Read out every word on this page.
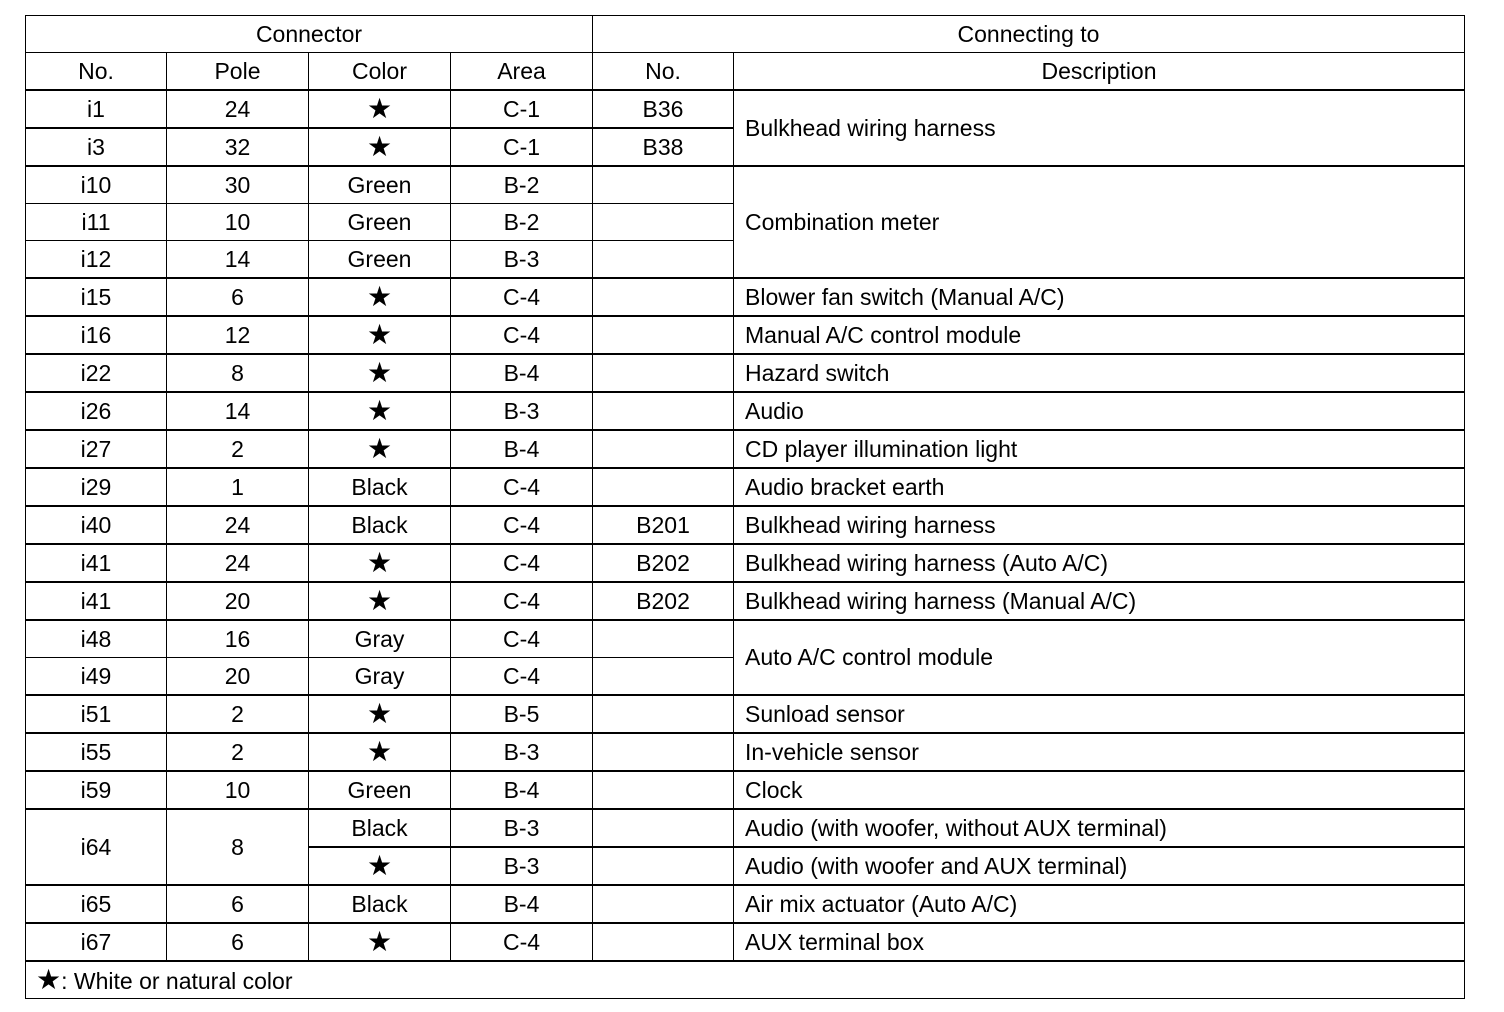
Connector				Connecting to	
No.	Pole	Color	Area	No.	Description
i1	24	★	C-1	B36	Bulkhead wiring harness
i3	32	★	C-1	B38	
i10	30	Green	B-2		Combination meter
i11	10	Green	B-2		
i12	14	Green	B-3		
i15	6	★	C-4		Blower fan switch (Manual A/C)
i16	12	★	C-4		Manual A/C control module
i22	8	★	B-4		Hazard switch
i26	14	★	B-3		Audio
i27	2	★	B-4		CD player illumination light
i29	1	Black	C-4		Audio bracket earth
i40	24	Black	C-4	B201	Bulkhead wiring harness
i41	24	★	C-4	B202	Bulkhead wiring harness (Auto A/C)
i41	20	★	C-4	B202	Bulkhead wiring harness (Manual A/C)
i48	16	Gray	C-4		Auto A/C control module
i49	20	Gray	C-4		
i51	2	★	B-5		Sunload sensor
i55	2	★	B-3		In-vehicle sensor
i59	10	Green	B-4		Clock
i64	8	Black	B-3		Audio (with woofer, without AUX terminal)
		★	B-3		Audio (with woofer and AUX terminal)
i65	6	Black	B-4		Air mix actuator (Auto A/C)
i67	6	★	C-4		AUX terminal box
★: White or natural color					
